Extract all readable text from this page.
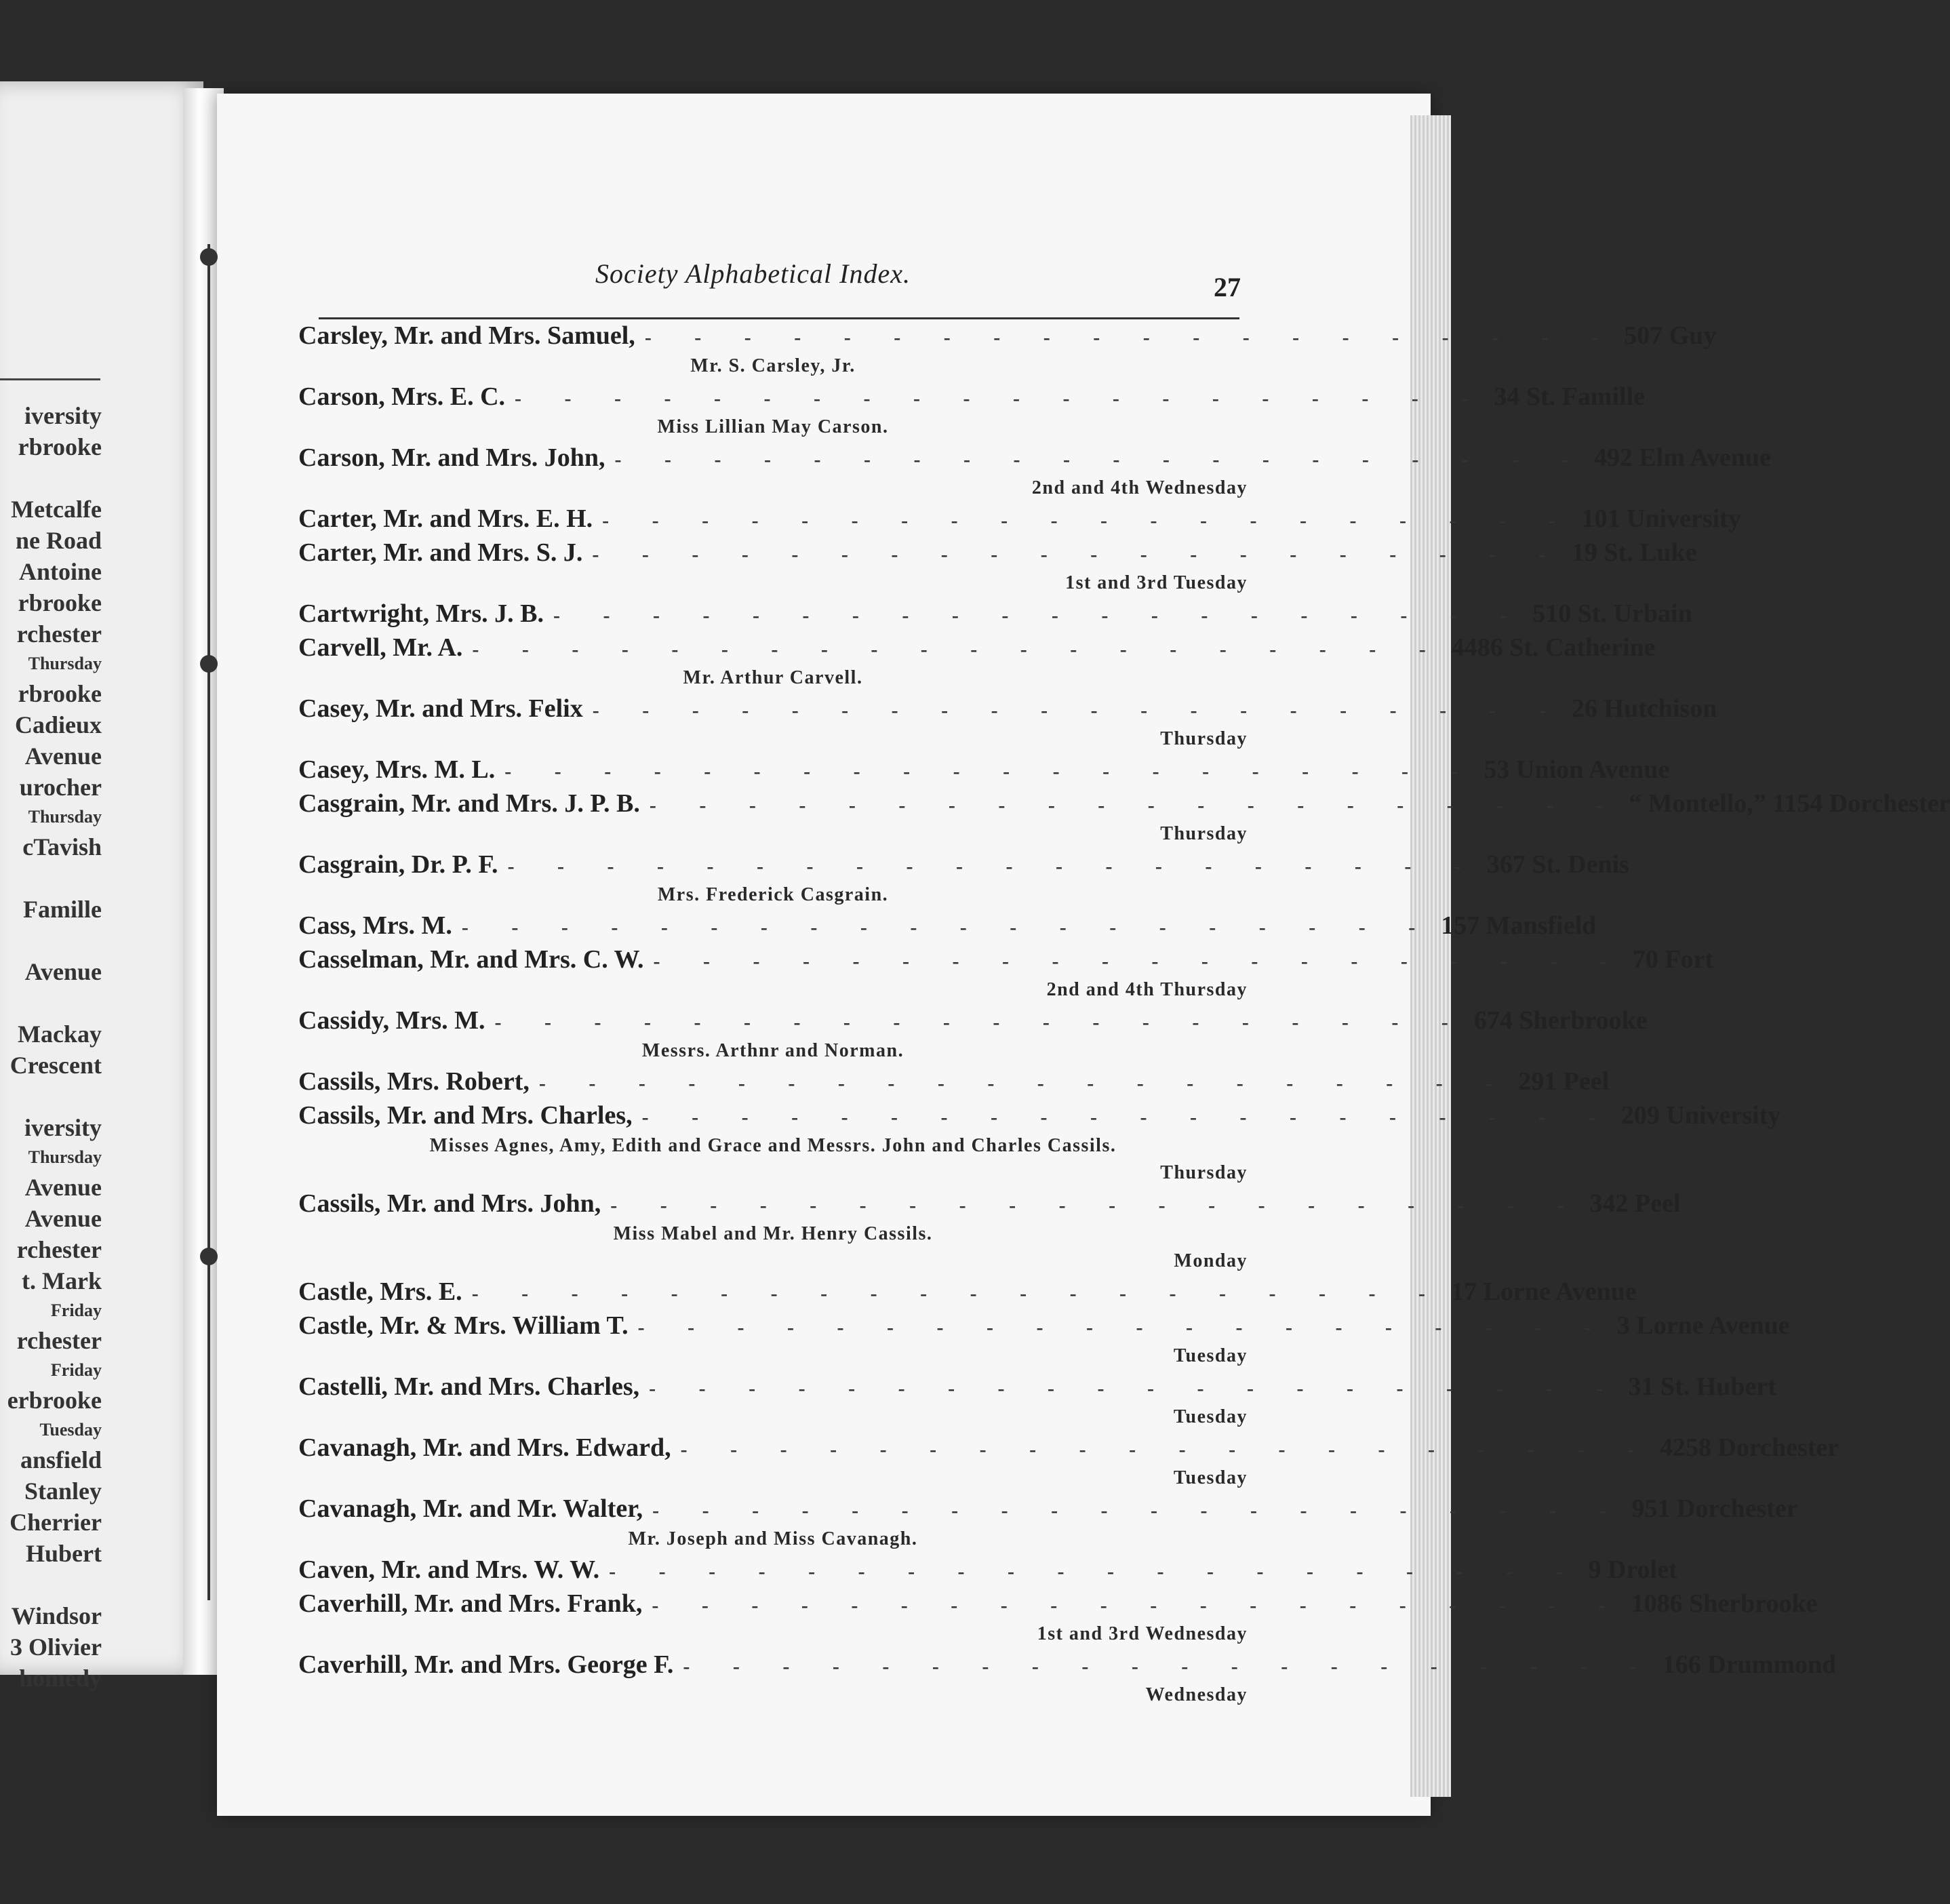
iversity
rbrooke
Metcalfe
ne Road
Antoine
rbrooke
rchester
Thursday
rbrooke
Cadieux
Avenue
urocher
Thursday
cTavish
Famille
Avenue
Mackay
Crescent
iversity
Thursday
Avenue
Avenue
rchester
t. Mark
Friday
rchester
Friday
erbrooke
Tuesday
ansfield
Stanley
Cherrier
Hubert
Windsor
3 Olivier
homedy
Society Alphabetical Index.	27
Carsley, Mr. and Mrs. Samuel, - - - - - - - - - - - - - - - - - - - - 507 Guy
Mr. S. Carsley, Jr.
Carson, Mrs. E. C. - - - - - - - - - - - - - - - - - - - - 34 St. Famille
Miss Lillian May Carson.
Carson, Mr. and Mrs. John, - - - - - - - - - - - - - - - - - - - - 492 Elm Avenue
2nd and 4th Wednesday
Carter, Mr. and Mrs. E. H. - - - - - - - - - - - - - - - - - - - - 101 University
Carter, Mr. and Mrs. S. J. - - - - - - - - - - - - - - - - - - - - 19 St. Luke
1st and 3rd Tuesday
Cartwright, Mrs. J. B. - - - - - - - - - - - - - - - - - - - - 510 St. Urbain
Carvell, Mr. A. - - - - - - - - - - - - - - - - - - - - 4486 St. Catherine
Mr. Arthur Carvell.
Casey, Mr. and Mrs. Felix - - - - - - - - - - - - - - - - - - - - 26 Hutchison
Thursday
Casey, Mrs. M. L. - - - - - - - - - - - - - - - - - - - - 53 Union Avenue
Casgrain, Mr. and Mrs. J. P. B. - - - - - - - - - - - - - - - - - - - - “ Montello,” 1154 Dorchester
Thursday
Casgrain, Dr. P. F. - - - - - - - - - - - - - - - - - - - - 367 St. Denis
Mrs. Frederick Casgrain.
Cass, Mrs. M. - - - - - - - - - - - - - - - - - - - - 157 Mansfield
Casselman, Mr. and Mrs. C. W. - - - - - - - - - - - - - - - - - - - - 70 Fort
2nd and 4th Thursday
Cassidy, Mrs. M. - - - - - - - - - - - - - - - - - - - - 674 Sherbrooke
Messrs. Arthnr and Norman.
Cassils, Mrs. Robert, - - - - - - - - - - - - - - - - - - - - 291 Peel
Cassils, Mr. and Mrs. Charles, - - - - - - - - - - - - - - - - - - - - 209 University
Misses Agnes, Amy, Edith and Grace and Messrs. John and Charles Cassils.
Thursday
Cassils, Mr. and Mrs. John, - - - - - - - - - - - - - - - - - - - - 342 Peel
Miss Mabel and Mr. Henry Cassils.
Monday
Castle, Mrs. E. - - - - - - - - - - - - - - - - - - - - 17 Lorne Avenue
Castle, Mr. & Mrs. William T. - - - - - - - - - - - - - - - - - - - - 3 Lorne Avenue
Tuesday
Castelli, Mr. and Mrs. Charles, - - - - - - - - - - - - - - - - - - - - 31 St. Hubert
Tuesday
Cavanagh, Mr. and Mrs. Edward, - - - - - - - - - - - - - - - - - - - - 4258 Dorchester
Tuesday
Cavanagh, Mr. and Mr. Walter, - - - - - - - - - - - - - - - - - - - - 951 Dorchester
Mr. Joseph and Miss Cavanagh.
Caven, Mr. and Mrs. W. W. - - - - - - - - - - - - - - - - - - - - 9 Drolet
Caverhill, Mr. and Mrs. Frank, - - - - - - - - - - - - - - - - - - - - 1086 Sherbrooke
1st and 3rd Wednesday
Caverhill, Mr. and Mrs. George F. - - - - - - - - - - - - - - - - - - - - 166 Drummond
Wednesday
